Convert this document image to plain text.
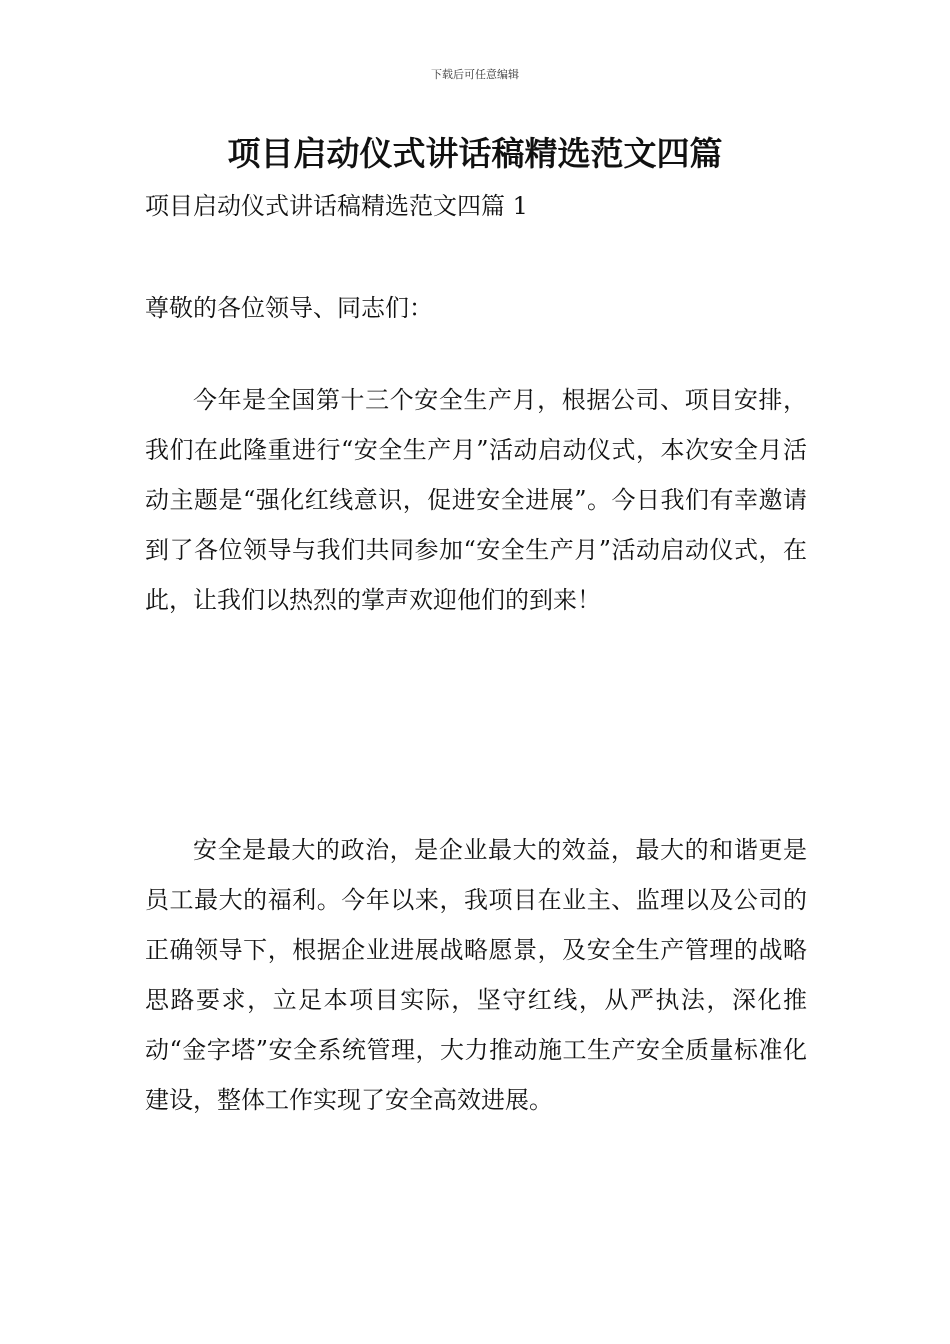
下载后可任意编辑
项目启动仪式讲话稿精选范文四篇
项目启动仪式讲话稿精选范文四篇 1
尊敬的各位领导、同志们：
今年是全国第十三个安全生产月，根据公司、项目安排，我们在此隆重进行“安全生产月”活动启动仪式，本次安全月活动主题是“强化红线意识，促进安全进展”。今日我们有幸邀请到了各位领导与我们共同参加“安全生产月”活动启动仪式，在此，让我们以热烈的掌声欢迎他们的到来！
安全是最大的政治，是企业最大的效益，最大的和谐更是员工最大的福利。今年以来，我项目在业主、监理以及公司的正确领导下，根据企业进展战略愿景，及安全生产管理的战略思路要求，立足本项目实际，坚守红线，从严执法，深化推动“金字塔”安全系统管理，大力推动施工生产安全质量标准化建设，整体工作实现了安全高效进展。
